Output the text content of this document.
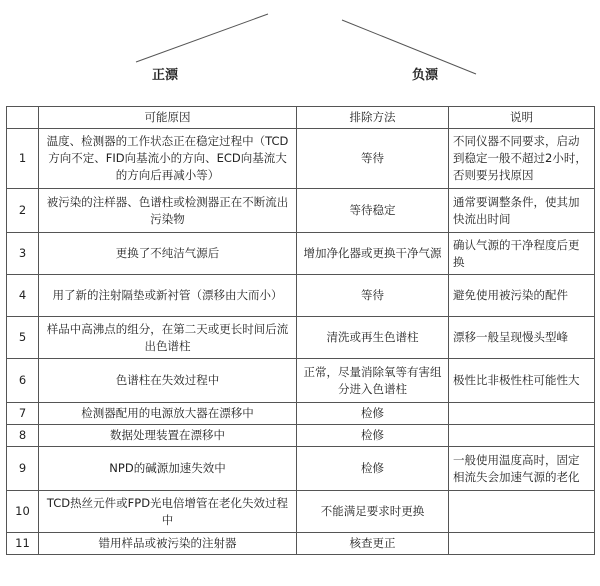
正漂	负漂
	可能原因	排除方法	说明
1	温度、检测器的工作状态正在稳定过程中（TCD方向不定、FID向基流小的方向、ECD向基流大的方向后再减小等）	等待	不同仪器不同要求，启动到稳定一般不超过2小时，否则要另找原因
2	被污染的注样器、色谱柱或检测器正在不断流出污染物	等待稳定	通常要调整条件，使其加快流出时间
3	更换了不纯洁气源后	增加净化器或更换干净气源	确认气源的干净程度后更换
4	用了新的注射隔垫或新衬管（漂移由大而小）	等待	避免使用被污染的配件
5	样品中高沸点的组分，在第二天或更长时间后流出色谱柱	清洗或再生色谱柱	漂移一般呈现慢头型峰
6	色谱柱在失效过程中	正常，尽量消除氧等有害组分进入色谱柱	极性比非极性柱可能性大
7	检测器配用的电源放大器在漂移中	检修	
8	数据处理装置在漂移中	检修	
9	NPD的碱源加速失效中	检修	一般使用温度高时，固定相流失会加速气源的老化
10	TCD热丝元件或FPD光电倍增管在老化失效过程中	不能满足要求时更换	
11	错用样品或被污染的注射器	核查更正	
